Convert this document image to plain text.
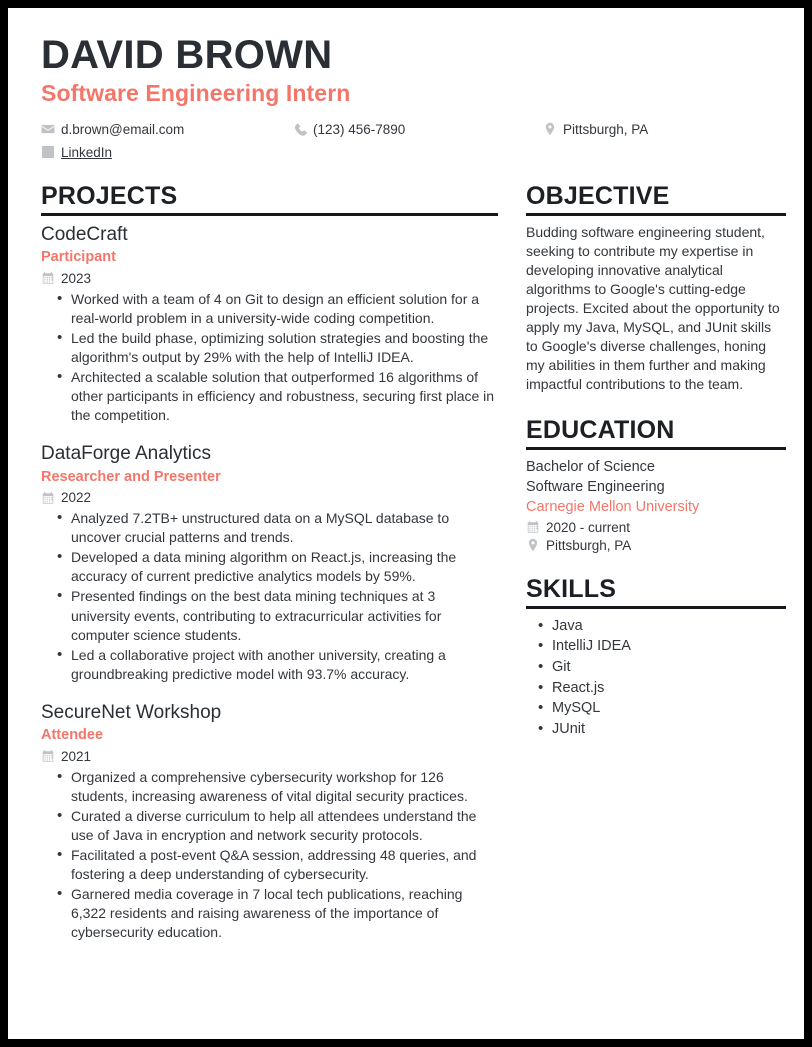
DAVID BROWN
Software Engineering Intern
d.brown@email.com	(123) 456-7890	Pittsburgh, PA
LinkedIn
PROJECTS
CodeCraft
Participant
2023
• Worked with a team of 4 on Git to design an efficient solution for a real-world problem in a university-wide coding competition.
• Led the build phase, optimizing solution strategies and boosting the algorithm's output by 29% with the help of IntelliJ IDEA.
• Architected a scalable solution that outperformed 16 algorithms of other participants in efficiency and robustness, securing first place in the competition.
DataForge Analytics
Researcher and Presenter
2022
• Analyzed 7.2TB+ unstructured data on a MySQL database to uncover crucial patterns and trends.
• Developed a data mining algorithm on React.js, increasing the accuracy of current predictive analytics models by 59%.
• Presented findings on the best data mining techniques at 3 university events, contributing to extracurricular activities for computer science students.
• Led a collaborative project with another university, creating a groundbreaking predictive model with 93.7% accuracy.
SecureNet Workshop
Attendee
2021
• Organized a comprehensive cybersecurity workshop for 126 students, increasing awareness of vital digital security practices.
• Curated a diverse curriculum to help all attendees understand the use of Java in encryption and network security protocols.
• Facilitated a post-event Q&A session, addressing 48 queries, and fostering a deep understanding of cybersecurity.
• Garnered media coverage in 7 local tech publications, reaching 6,322 residents and raising awareness of the importance of cybersecurity education.
OBJECTIVE
Budding software engineering student, seeking to contribute my expertise in developing innovative analytical algorithms to Google's cutting-edge projects. Excited about the opportunity to apply my Java, MySQL, and JUnit skills to Google's diverse challenges, honing my abilities in them further and making impactful contributions to the team.
EDUCATION
Bachelor of Science
Software Engineering
Carnegie Mellon University
2020 - current
Pittsburgh, PA
SKILLS
• Java
• IntelliJ IDEA
• Git
• React.js
• MySQL
• JUnit
